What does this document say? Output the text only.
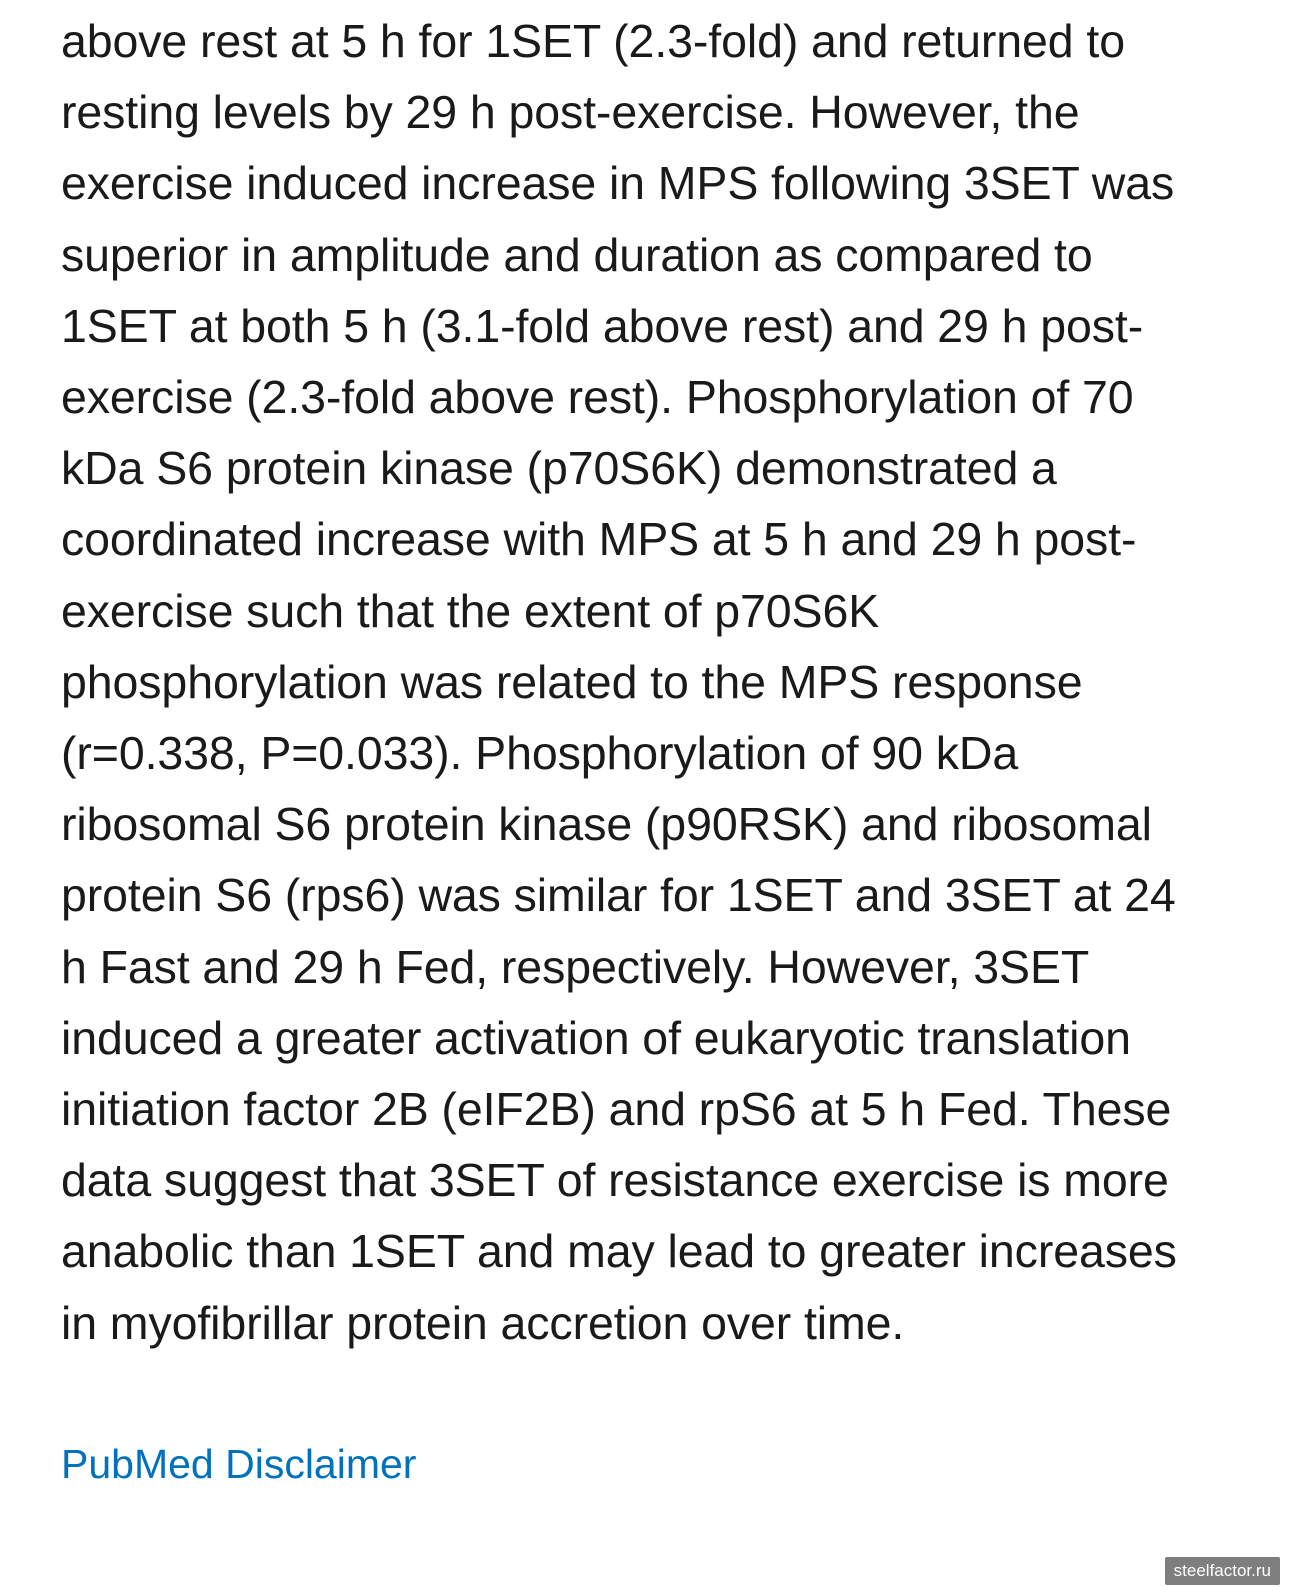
above rest at 5 h for 1SET (2.3-fold) and returned to
resting levels by 29 h post-exercise. However, the
exercise induced increase in MPS following 3SET was
superior in amplitude and duration as compared to
1SET at both 5 h (3.1-fold above rest) and 29 h post-
exercise (2.3-fold above rest). Phosphorylation of 70
kDa S6 protein kinase (p70S6K) demonstrated a
coordinated increase with MPS at 5 h and 29 h post-
exercise such that the extent of p70S6K
phosphorylation was related to the MPS response
(r=0.338, P=0.033). Phosphorylation of 90 kDa
ribosomal S6 protein kinase (p90RSK) and ribosomal
protein S6 (rps6) was similar for 1SET and 3SET at 24
h Fast and 29 h Fed, respectively. However, 3SET
induced a greater activation of eukaryotic translation
initiation factor 2B (eIF2B) and rpS6 at 5 h Fed. These
data suggest that 3SET of resistance exercise is more
anabolic than 1SET and may lead to greater increases
in myofibrillar protein accretion over time.
PubMed Disclaimer
steelfactor.ru
